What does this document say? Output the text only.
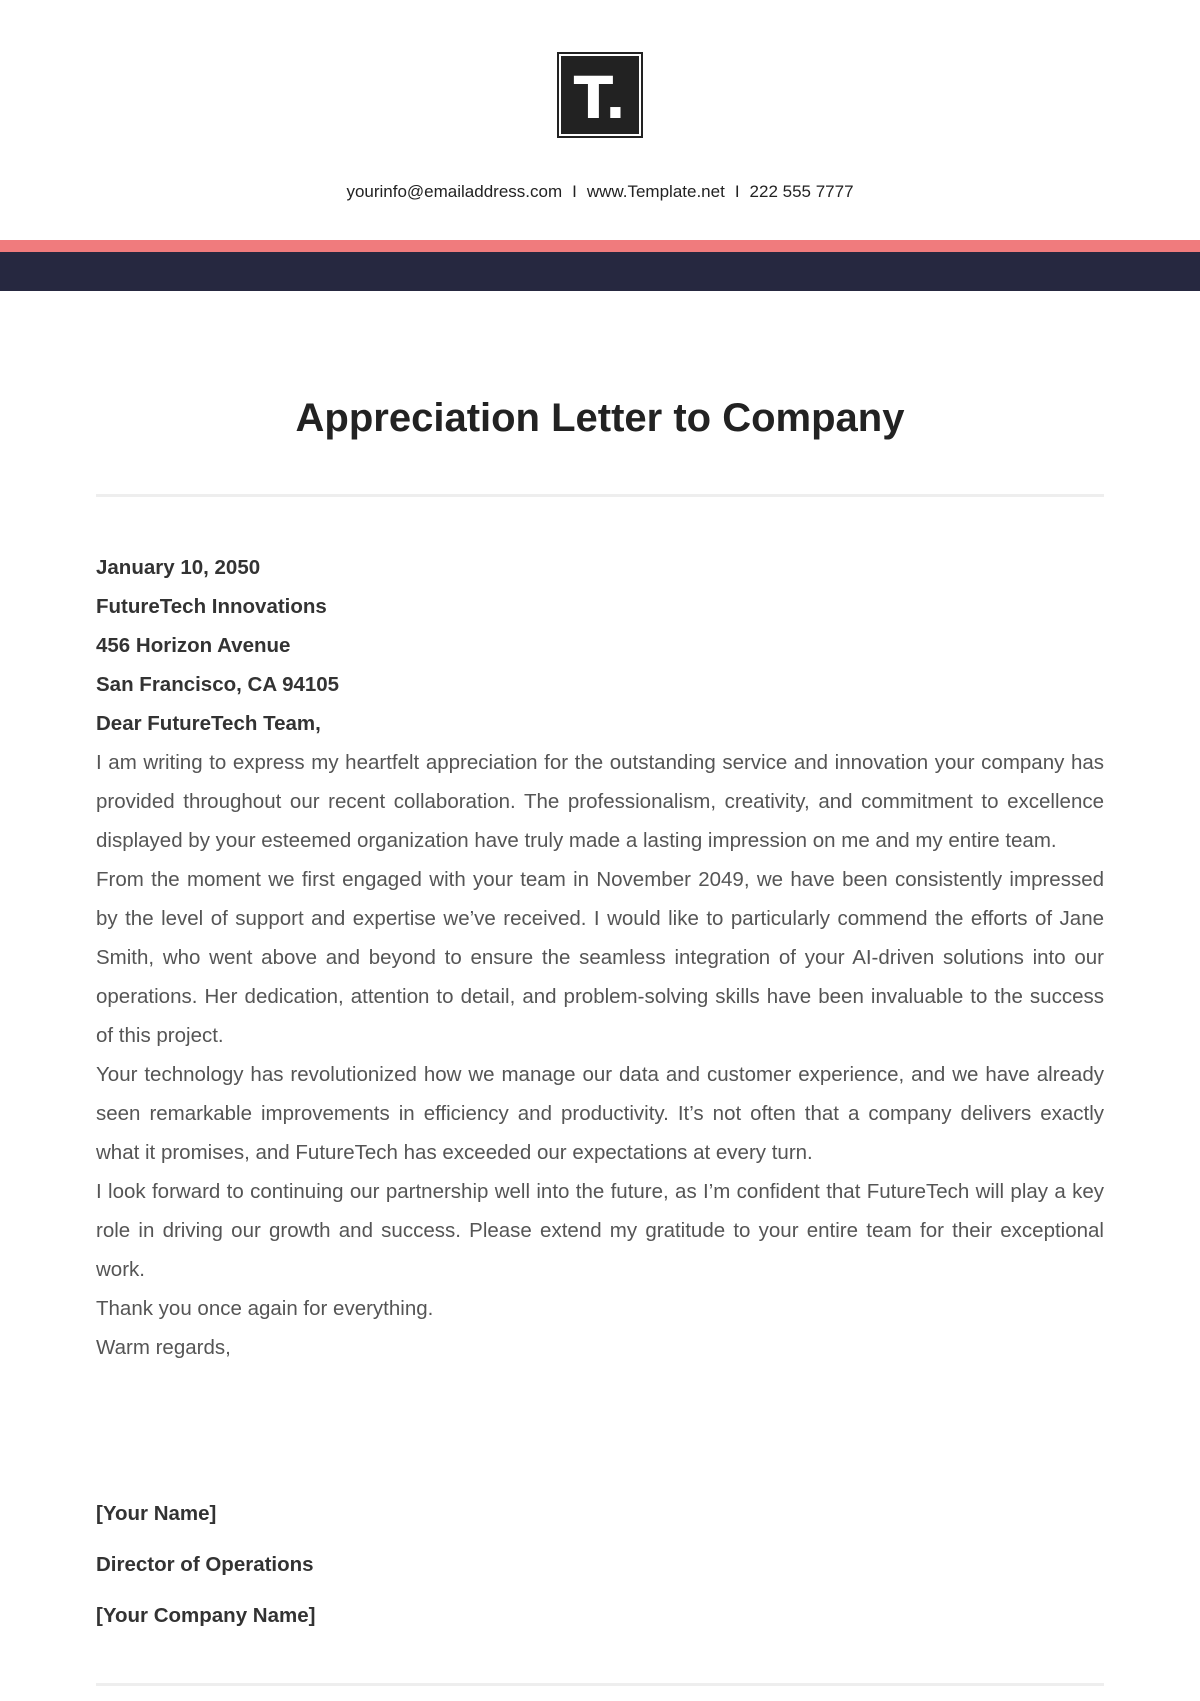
T.
yourinfo@emailaddress.com I www.Template.net I 222 555 7777
Appreciation Letter to Company

January 10, 2050

FutureTech Innovations

456 Horizon Avenue

San Francisco, CA 94105

Dear FutureTech Team,

I am writing to express my heartfelt appreciation for the outstanding service and innovation your company has provided throughout our recent collaboration. The professionalism, creativity, and commitment to excellence displayed by your esteemed organization have truly made a lasting impression on me and my entire team.

From the moment we first engaged with your team in November 2049, we have been consistently impressed by the level of support and expertise we’ve received. I would like to particularly commend the efforts of Jane Smith, who went above and beyond to ensure the seamless integration of your AI-driven solutions into our operations. Her dedication, attention to detail, and problem-solving skills have been invaluable to the success of this project.

Your technology has revolutionized how we manage our data and customer experience, and we have already seen remarkable improvements in efficiency and productivity. It’s not often that a company delivers exactly what it promises, and FutureTech has exceeded our expectations at every turn.

I look forward to continuing our partnership well into the future, as I’m confident that FutureTech will play a key role in driving our growth and success. Please extend my gratitude to your entire team for their exceptional work.

Thank you once again for everything.

Warm regards,

[Your Name]
Director of Operations
[Your Company Name]
